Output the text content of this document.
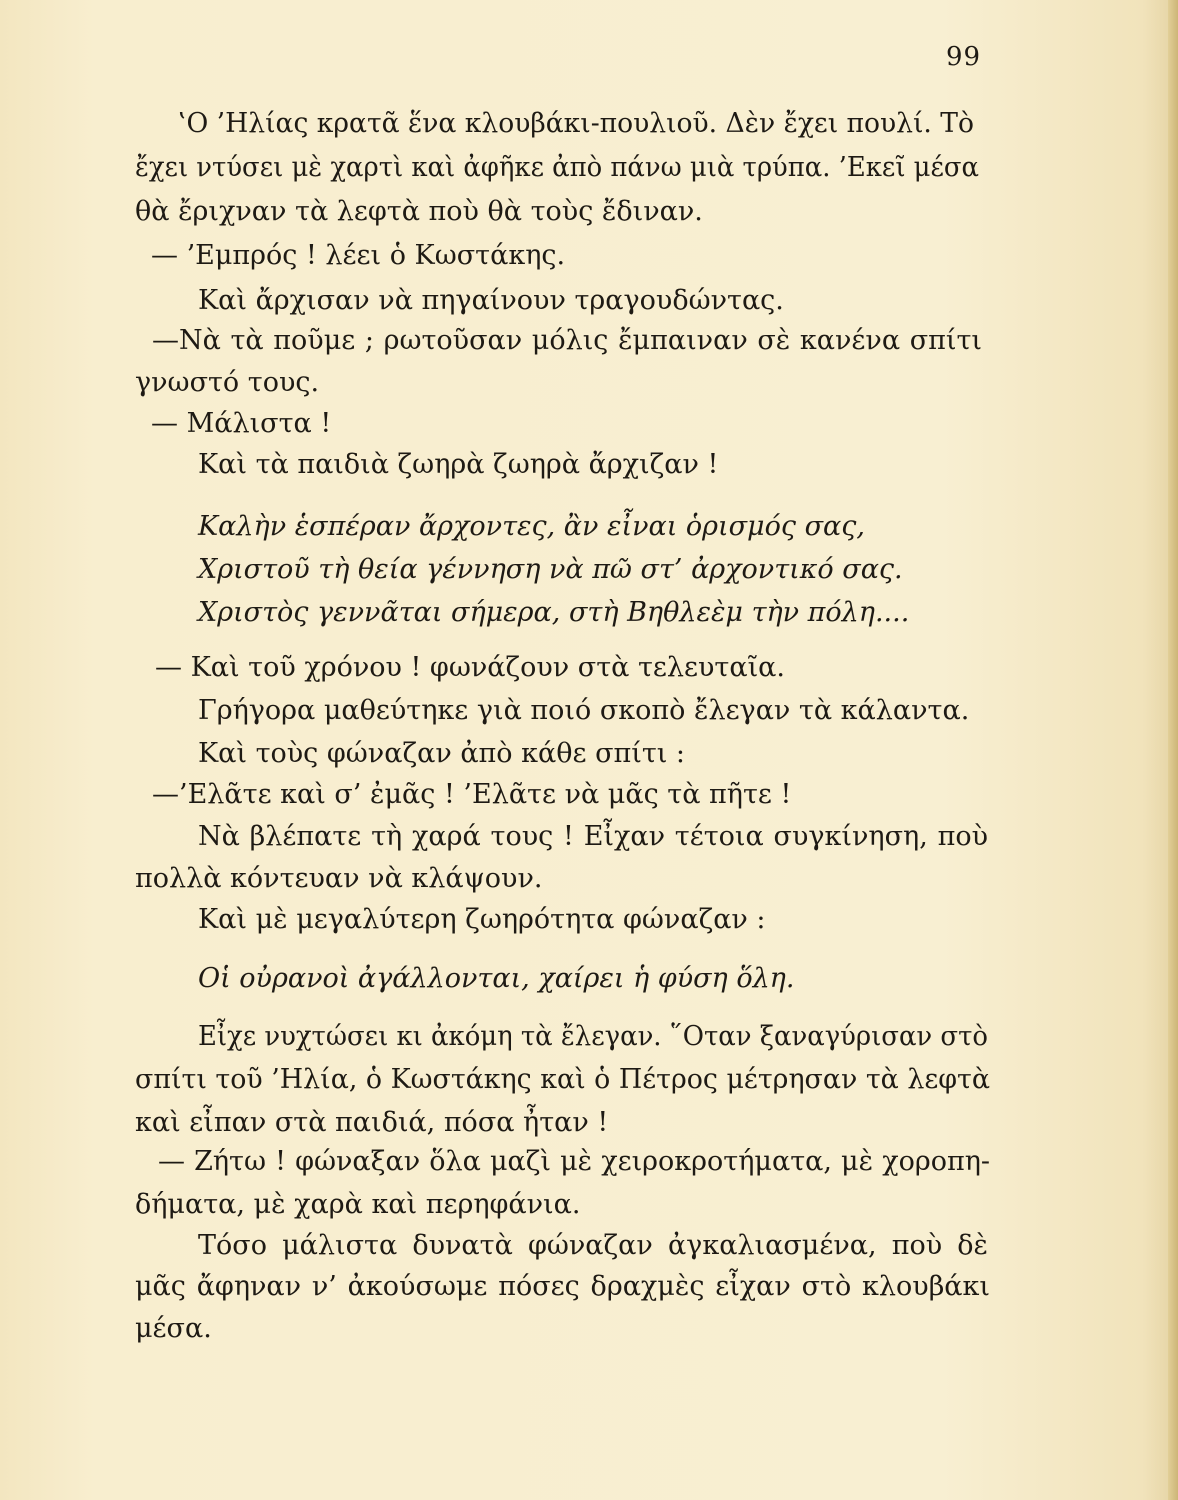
99
‛Ο ’Ηλίας κρατᾶ ἕνα κλουβάκι-πουλιοῦ. Δὲν ἔχει πουλί. Τὸ
ἔχει ντύσει μὲ χαρτὶ καὶ ἀφῆκε ἀπὸ πάνω μιὰ τρύπα. ’Εκεῖ μέσα
θὰ ἔριχναν τὰ λεφτὰ ποὺ θὰ τοὺς ἔδιναν.
— ’Εμπρός ! λέει ὁ Κωστάκης.
Καὶ ἄρχισαν νὰ πηγαίνουν τραγουδώντας.
—Νὰ τὰ ποῦμε ; ρωτοῦσαν μόλις ἔμπαιναν σὲ κανένα σπίτι
γνωστό τους.
— Μάλιστα !
Καὶ τὰ παιδιὰ ζωηρὰ ζωηρὰ ἄρχιζαν !
Καλὴν ἑσπέραν ἄρχοντες, ἂν εἶναι ὁρισμός σας,
Χριστοῦ τὴ θεία γέννηση νὰ πῶ στ’ ἀρχοντικό σας.
Χριστὸς γεννᾶται σήμερα, στὴ Βηθλεὲμ τὴν πόλη....
— Καὶ τοῦ χρόνου ! φωνάζουν στὰ τελευταῖα.
Γρήγορα μαθεύτηκε γιὰ ποιό σκοπὸ ἔλεγαν τὰ κάλαντα.
Καὶ τοὺς φώναζαν ἀπὸ κάθε σπίτι :
—’Ελᾶτε καὶ σ’ ἐμᾶς ! ’Ελᾶτε νὰ μᾶς τὰ πῆτε !
Νὰ βλέπατε τὴ χαρά τους ! Εἶχαν τέτοια συγκίνηση, ποὺ
πολλὰ κόντευαν νὰ κλάψουν.
Καὶ μὲ μεγαλύτερη ζωηρότητα φώναζαν :
Οἱ οὐρανοὶ ἀγάλλονται, χαίρει ἡ φύση ὅλη.
Εἶχε νυχτώσει κι ἀκόμη τὰ ἔλεγαν. ῞Οταν ξαναγύρισαν στὸ
σπίτι τοῦ ’Ηλία, ὁ Κωστάκης καὶ ὁ Πέτρος μέτρησαν τὰ λεφτὰ
καὶ εἶπαν στὰ παιδιά, πόσα ἦταν !
— Ζήτω ! φώναξαν ὅλα μαζὶ μὲ χειροκροτήματα, μὲ χοροπη-
δήματα, μὲ χαρὰ καὶ περηφάνια.
Τόσο μάλιστα δυνατὰ φώναζαν ἀγκαλιασμένα, ποὺ δὲ
μᾶς ἄφηναν ν’ ἀκούσωμε πόσες δραχμὲς εἶχαν στὸ κλουβάκι
μέσα.
